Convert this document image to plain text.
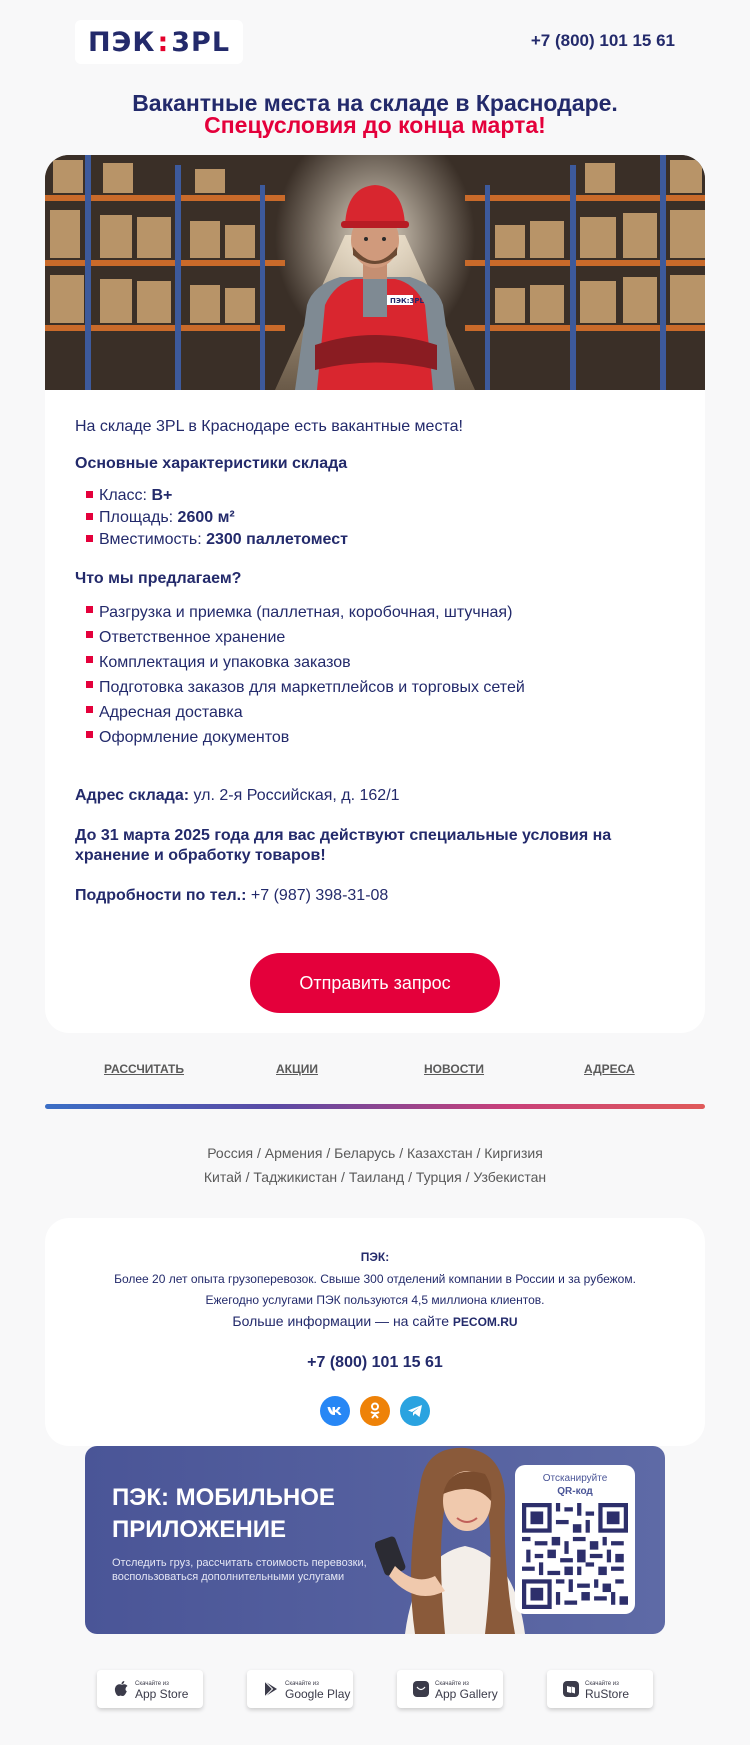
ПЭК : 3PL	+7 (800) 101 15 61
Вакантные места на складе в Краснодаре.
Спецусловия до конца марта!
ПЭК:3PL

На складе 3PL в Краснодаре есть вакантные места!

Основные характеристики склада

Класс: B+
Площадь: 2600 м²
Вместимость: 2300 паллетомест

Что мы предлагаем?

Разгрузка и приемка (паллетная, коробочная, штучная)
Ответственное хранение
Комплектация и упаковка заказов
Подготовка заказов для маркетплейсов и торговых сетей
Адресная доставка
Оформление документов

Адрес склада: ул. 2-я Российская, д. 162/1

До 31 марта 2025 года для вас действуют специальные условия на хранение и обработку товаров!

Подробности по тел.: +7 (987) 398-31-08

Отправить запрос
РАССЧИТАТЬ	АКЦИИ	НОВОСТИ	АДРЕСА
Россия / Армения / Беларусь / Казахстан / Киргизия
Китай / Таджикистан / Таиланд / Турция / Узбекистан
ПЭК:
Более 20 лет опыта грузоперевозок. Свыше 300 отделений компании в России и за рубежом.
Ежегодно услугами ПЭК пользуются 4,5 миллиона клиентов.
Больше информации — на сайте PECOM.RU
+7 (800) 101 15 61
ПЭК: МОБИЛЬНОЕ
ПРИЛОЖЕНИЕ
Отследить груз, рассчитать стоимость перевозки, воспользоваться дополнительными услугами
Отсканируйте
QR-код
Скачайте из
App Store
Скачайте из
Google Play
Скачайте из
App Gallery
Скачайте из
RuStore
